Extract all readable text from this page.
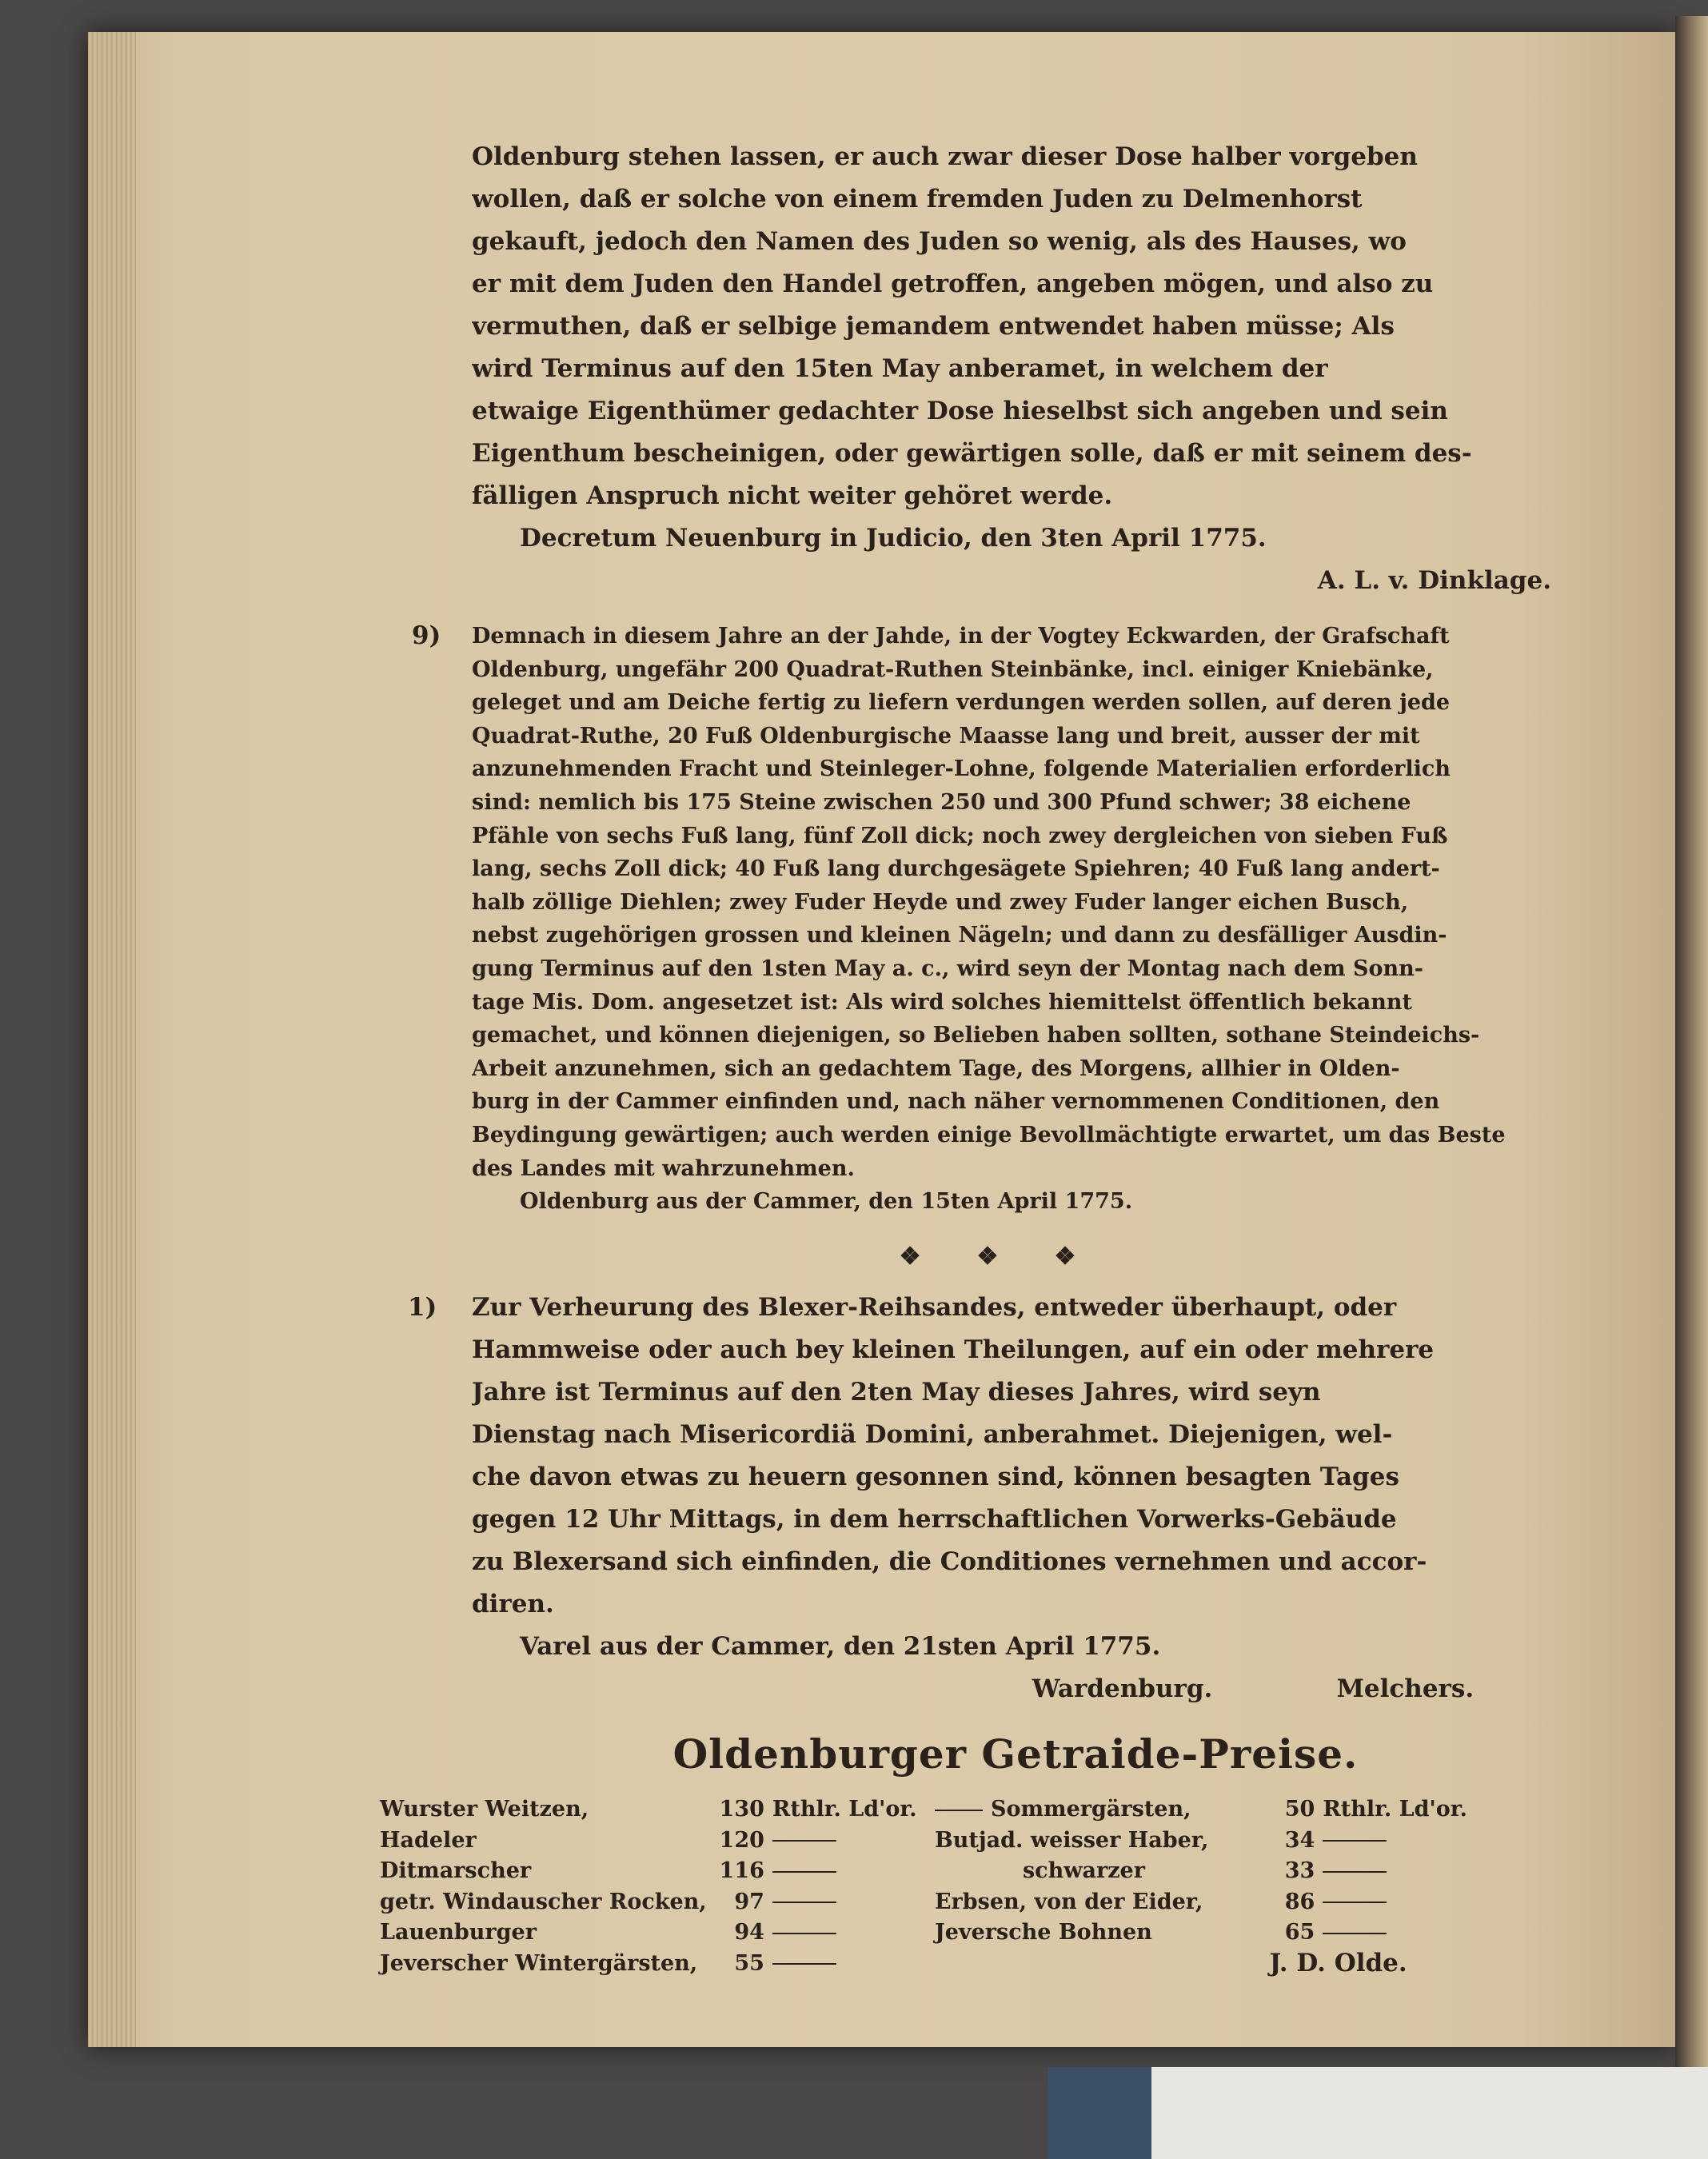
Oldenburg stehen lassen, er auch zwar dieser Dose halber vorgeben
wollen, daß er solche von einem fremden Juden zu Delmenhorst
gekauft, jedoch den Namen des Juden so wenig, als des Hauses, wo
er mit dem Juden den Handel getroffen, angeben mögen, und also zu
vermuthen, daß er selbige jemandem entwendet haben müsse; Als
wird Terminus auf den 15ten May anberamet, in welchem der
etwaige Eigenthümer gedachter Dose hieselbst sich angeben und sein
Eigenthum bescheinigen, oder gewärtigen solle, daß er mit seinem des-
fälligen Anspruch nicht weiter gehöret werde.
Decretum Neuenburg in Judicio, den 3ten April 1775.
A. L. v. Dinklage.
9) Demnach in diesem Jahre an der Jahde, in der Vogtey Eckwarden, der Grafschaft
Oldenburg, ungefähr 200 Quadrat-Ruthen Steinbänke, incl. einiger Kniebänke,
geleget und am Deiche fertig zu liefern verdungen werden sollen, auf deren jede
Quadrat-Ruthe, 20 Fuß Oldenburgische Maasse lang und breit, ausser der mit
anzunehmenden Fracht und Steinleger-Lohne, folgende Materialien erforderlich
sind: nemlich bis 175 Steine zwischen 250 und 300 Pfund schwer; 38 eichene
Pfähle von sechs Fuß lang, fünf Zoll dick; noch zwey dergleichen von sieben Fuß
lang, sechs Zoll dick; 40 Fuß lang durchgesägete Spiehren; 40 Fuß lang andert-
halb zöllige Diehlen; zwey Fuder Heyde und zwey Fuder langer eichen Busch,
nebst zugehörigen grossen und kleinen Nägeln; und dann zu desfälliger Ausdin-
gung Terminus auf den 1sten May a. c., wird seyn der Montag nach dem Sonn-
tage Mis. Dom. angesetzet ist: Als wird solches hiemittelst öffentlich bekannt
gemachet, und können diejenigen, so Belieben haben sollten, sothane Steindeichs-
Arbeit anzunehmen, sich an gedachtem Tage, des Morgens, allhier in Olden-
burg in der Cammer einfinden und, nach näher vernommenen Conditionen, den
Beydingung gewärtigen; auch werden einige Bevollmächtigte erwartet, um das Beste
des Landes mit wahrzunehmen.
Oldenburg aus der Cammer, den 15ten April 1775.
❖❖❖
1) Zur Verheurung des Blexer-Reihsandes, entweder überhaupt, oder
Hammweise oder auch bey kleinen Theilungen, auf ein oder mehrere
Jahre ist Terminus auf den 2ten May dieses Jahres, wird seyn
Dienstag nach Misericordiä Domini, anberahmet. Diejenigen, wel-
che davon etwas zu heuern gesonnen sind, können besagten Tages
gegen 12 Uhr Mittags, in dem herrschaftlichen Vorwerks-Gebäude
zu Blexersand sich einfinden, die Conditiones vernehmen und accor-
diren.
Varel aus der Cammer, den 21sten April 1775.
Wardenburg.	Melchers.
Oldenburger Getraide-Preise.
Wurster Weitzen,	130	Rthlr. Ld'or.	Sommergärsten,	50	Rthlr. Ld'or.
Hadeler	120		Butjad. weisser Haber,	34	
Ditmarscher	116		schwarzer	33	
getr. Windauscher Rocken,	97		Erbsen, von der Eider,	86	
Lauenburger	94		Jeversche Bohnen	65	
Jeverscher Wintergärsten,	55			J. D. Olde.	
